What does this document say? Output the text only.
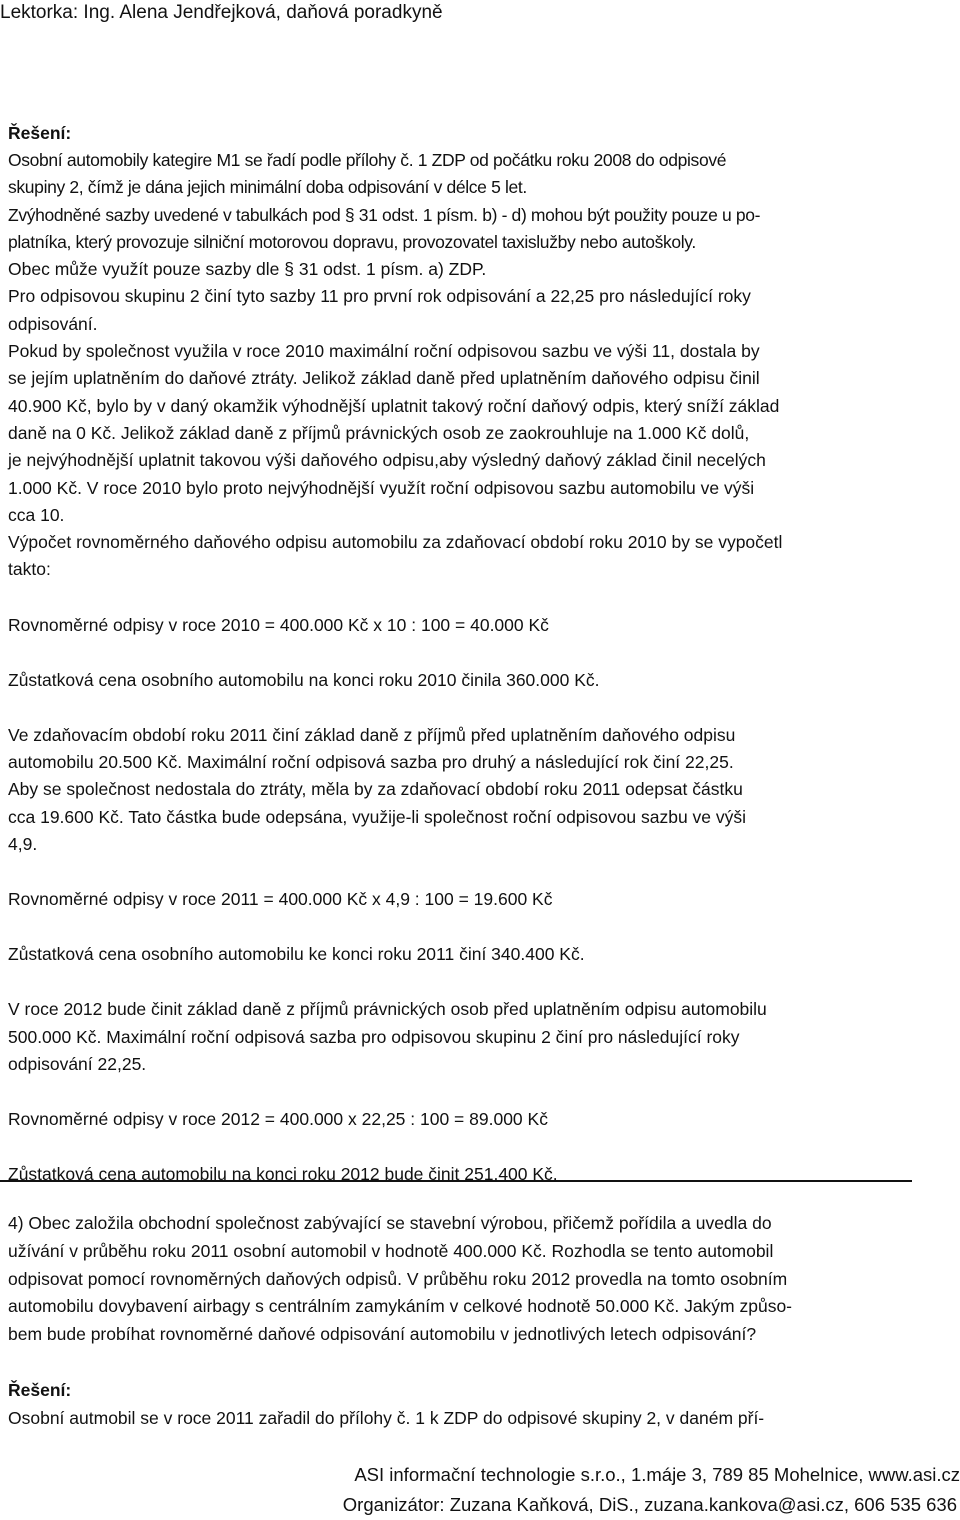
Lektorka: Ing. Alena Jendřejková, daňová poradkyně

Řešení:

Osobní automobily kategire M1 se řadí podle přílohy č. 1 ZDP od počátku roku 2008 do odpisové

skupiny 2, čímž je dána jejich minimální doba odpisování v délce 5 let.

Zvýhodněné sazby uvedené v tabulkách pod § 31 odst. 1 písm. b) - d) mohou být použity pouze u po-

platníka, který provozuje silniční motorovou dopravu, provozovatel taxislužby nebo autoškoly.

Obec může využít pouze sazby dle § 31 odst. 1 písm. a) ZDP.

Pro odpisovou skupinu 2 činí tyto sazby 11 pro první rok odpisování a 22,25 pro následující roky

odpisování.

Pokud by společnost využila v roce 2010 maximální roční odpisovou sazbu ve výši 11, dostala by

se jejím uplatněním do daňové ztráty. Jelikož základ daně před uplatněním daňového odpisu činil

40.900 Kč, bylo by v daný okamžik výhodnější uplatnit takový roční daňový odpis, který sníží základ

daně na 0 Kč. Jelikož základ daně z příjmů právnických osob ze zaokrouhluje na 1.000 Kč dolů,

je nejvýhodnější uplatnit takovou výši daňového odpisu,aby výsledný daňový základ činil necelých

1.000 Kč. V roce 2010 bylo proto nejvýhodnější využít roční odpisovou sazbu automobilu ve výši

cca 10.

Výpočet rovnoměrného daňového odpisu automobilu za zdaňovací období roku 2010 by se vypočetl

takto:

Rovnoměrné odpisy v roce 2010 = 400.000 Kč x 10 : 100 = 40.000 Kč

Zůstatková cena osobního automobilu na konci roku 2010 činila 360.000 Kč.

Ve zdaňovacím období roku 2011 činí základ daně z příjmů před uplatněním daňového odpisu

automobilu 20.500 Kč. Maximální roční odpisová sazba pro druhý a následující rok činí 22,25.

Aby se společnost nedostala do ztráty, měla by za zdaňovací období roku 2011 odepsat částku

cca 19.600 Kč. Tato částka bude odepsána, využije-li společnost roční odpisovou sazbu ve výši

4,9.

Rovnoměrné odpisy v roce 2011 = 400.000 Kč x 4,9 : 100 = 19.600 Kč

Zůstatková cena osobního automobilu ke konci roku 2011 činí 340.400 Kč.

V roce 2012 bude činit základ daně z příjmů právnických osob před uplatněním odpisu automobilu

500.000 Kč. Maximální roční odpisová sazba pro odpisovou skupinu 2 činí pro následující roky

odpisování 22,25.

Rovnoměrné odpisy v roce 2012 = 400.000 x 22,25 : 100 = 89.000 Kč

Zůstatková cena automobilu na konci roku 2012 bude činit 251.400 Kč.

4) Obec založila obchodní společnost zabývající se stavební výrobou, přičemž pořídila a uvedla do

užívání v průběhu roku 2011 osobní automobil v hodnotě 400.000 Kč. Rozhodla se tento automobil

odpisovat pomocí rovnoměrných daňových odpisů. V průběhu roku 2012 provedla na tomto osobním

automobilu dovybavení airbagy s centrálním zamykáním v celkové hodnotě 50.000 Kč. Jakým způso-

bem bude probíhat rovnoměrné daňové odpisování automobilu v jednotlivých letech odpisování?

Řešení:

Osobní autmobil se v roce 2011 zařadil do přílohy č. 1 k ZDP do odpisové skupiny 2, v daném pří-

ASI informační technologie s.r.o., 1.máje 3, 789 85 Mohelnice, www.asi.cz
Organizátor: Zuzana Kaňková, DiS., zuzana.kankova@asi.cz, 606 535 636
